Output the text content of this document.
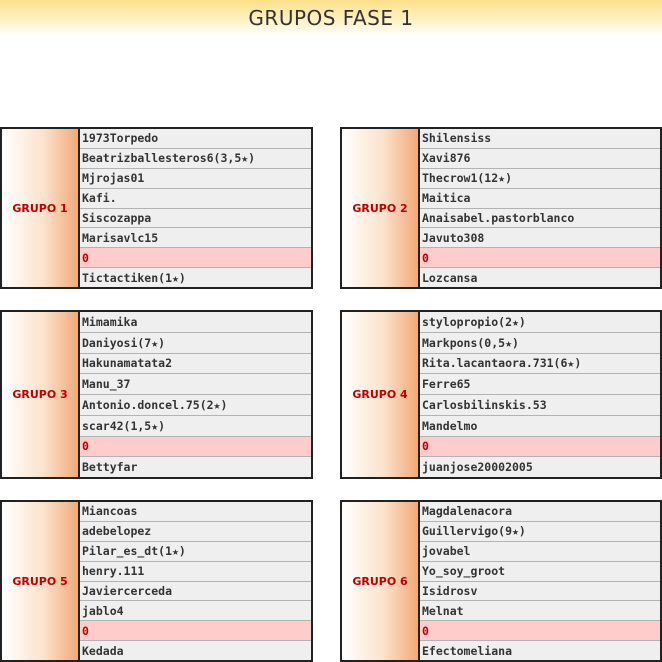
GRUPOS FASE 1
GRUPO 1
1973Torpedo
Beatrizballesteros6(3,5★)
Mjrojas01
Kafi.
Siscozappa
Marisavlc15
0
Tictactiken(1★)
GRUPO 2
Shilensiss
Xavi876
Thecrow1(12★)
Maitica
Anaisabel.pastorblanco
Javuto308
0
Lozcansa
GRUPO 3
Mimamika
Daniyosi(7★)
Hakunamatata2
Manu_37
Antonio.doncel.75(2★)
scar42(1,5★)
0
Bettyfar
GRUPO 4
stylopropio(2★)
Markpons(0,5★)
Rita.lacantaora.731(6★)
Ferre65
Carlosbilinskis.53
Mandelmo
0
juanjose20002005
GRUPO 5
Miancoas
adebelopez
Pilar_es_dt(1★)
henry.111
Javiercerceda
jablo4
0
Kedada
GRUPO 6
Magdalenacora
Guillervigo(9★)
jovabel
Yo_soy_groot
Isidrosv
Melnat
0
Efectomeliana
